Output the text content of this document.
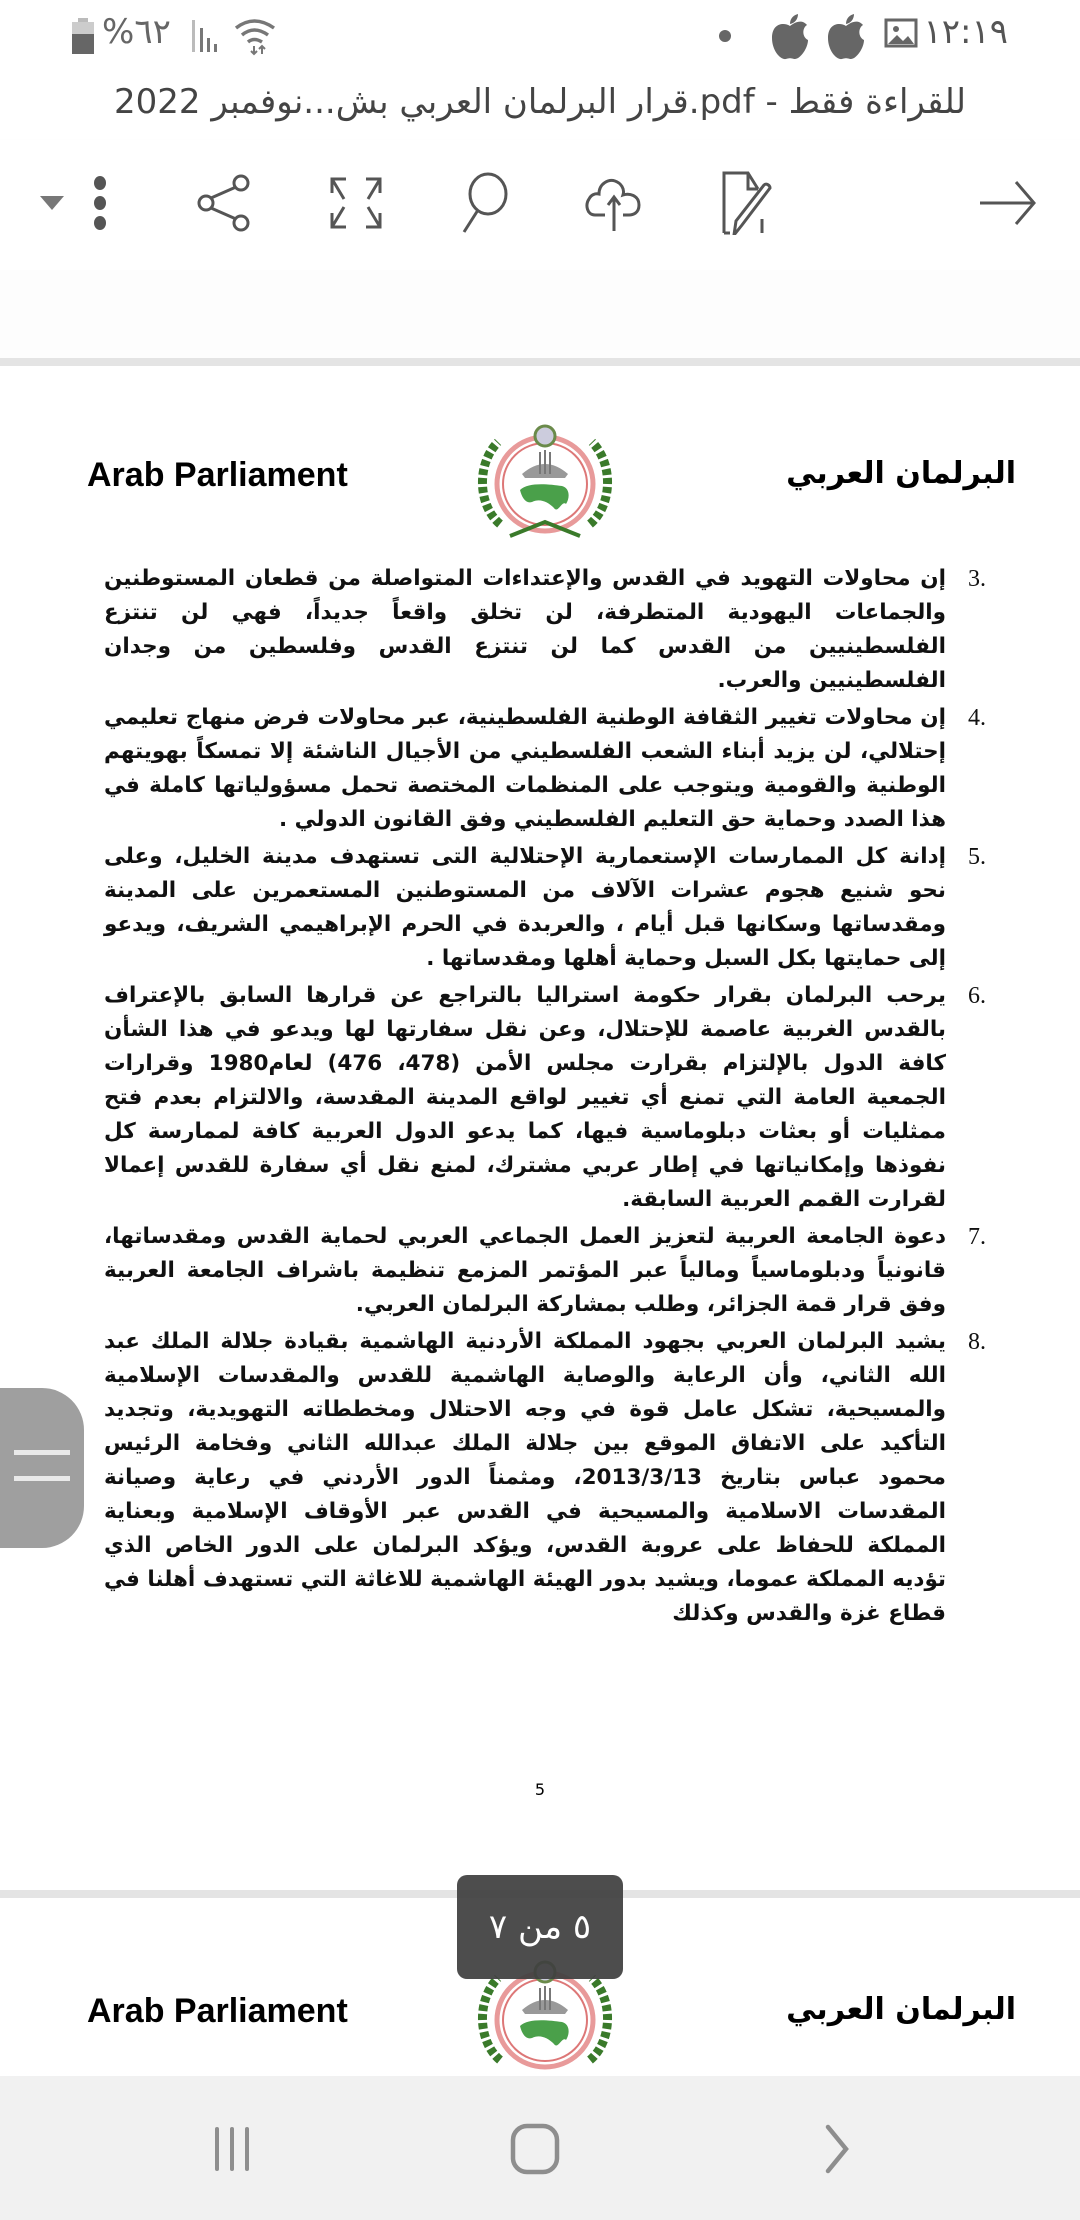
١٢:١٩
%٦٢
قرار البرلمان العربي بش...نوفمبر 2022.pdf - للقراءة فقط
Arab Parliament	البرلمان العربي
3.
إن محاولات التهويد في القدس والإعتداءات المتواصلة من قطعان المستوطنين والجماعات اليهودية المتطرفة، لن تخلق واقعاً جديداً، فهي لن تنتزع الفلسطينيين من القدس كما لن تنتزع القدس وفلسطين من وجدان الفلسطينيين والعرب.
4.
إن محاولات تغيير الثقافة الوطنية الفلسطينية، عبر محاولات فرض منهاج تعليمي إحتلالي، لن يزيد أبناء الشعب الفلسطيني من الأجيال الناشئة إلا تمسكاً بهويتهم الوطنية والقومية ويتوجب على المنظمات المختصة تحمل مسؤولياتها كاملة في هذا الصدد وحماية حق التعليم الفلسطيني وفق القانون الدولي .
5.
إدانة كل الممارسات الإستعمارية الإحتلالية التى تستهدف مدينة الخليل، وعلى نحو شنيع هجوم عشرات الآلاف من المستوطنين المستعمرين على المدينة ومقدساتها وسكانها قبل أيام ، والعربدة في الحرم الإبراهيمي الشريف، ويدعو إلى حمايتها بكل السبل وحماية أهلها ومقدساتها .
6.
يرحب البرلمان بقرار حكومة استراليا بالتراجع عن قرارها السابق بالإعتراف بالقدس الغربية عاصمة للإحتلال، وعن نقل سفارتها لها ويدعو في هذا الشأن كافة الدول بالإلتزام بقرارت مجلس الأمن (478، 476) لعام1980 وقرارات الجمعية العامة التي تمنع أي تغيير لواقع المدينة المقدسة، والالتزام بعدم فتح ممثليات أو بعثات دبلوماسية فيها، كما يدعو الدول العربية كافة لممارسة كل نفوذها وإمكانياتها في إطار عربي مشترك، لمنع نقل أي سفارة للقدس إعمالا لقرارت القمم العربية السابقة.
7.
دعوة الجامعة العربية لتعزيز العمل الجماعي العربي لحماية القدس ومقدساتها، قانونياً ودبلوماسياً ومالياً عبر المؤتمر المزمع تنظيمة باشراف الجامعة العربية وفق قرار قمة الجزائر، وطلب بمشاركة البرلمان العربي.
8.
يشيد البرلمان العربي بجهود المملكة الأردنية الهاشمية بقيادة جلالة الملك عبد الله الثاني، وأن الرعاية والوصاية الهاشمية للقدس والمقدسات الإسلامية والمسيحية، تشكل عامل قوة في وجه الاحتلال ومخططاته التهويدية، وتجديد التأكيد على الاتفاق الموقع بين جلالة الملك عبدالله الثاني وفخامة الرئيس محمود عباس بتاريخ 2013/3/13، ومثمناً الدور الأردني في رعاية وصيانة المقدسات الاسلامية والمسيحية في القدس عبر الأوقاف الإسلامية وبعناية المملكة للحفاظ على عروبة القدس، ويؤكد البرلمان على الدور الخاص الذي تؤديه المملكة عموما، ويشيد بدور الهيئة الهاشمية للاغاثة التي تستهدف أهلنا في قطاع غزة والقدس وكذلك
5
Arab Parliament	البرلمان العربي
٥ من ٧
